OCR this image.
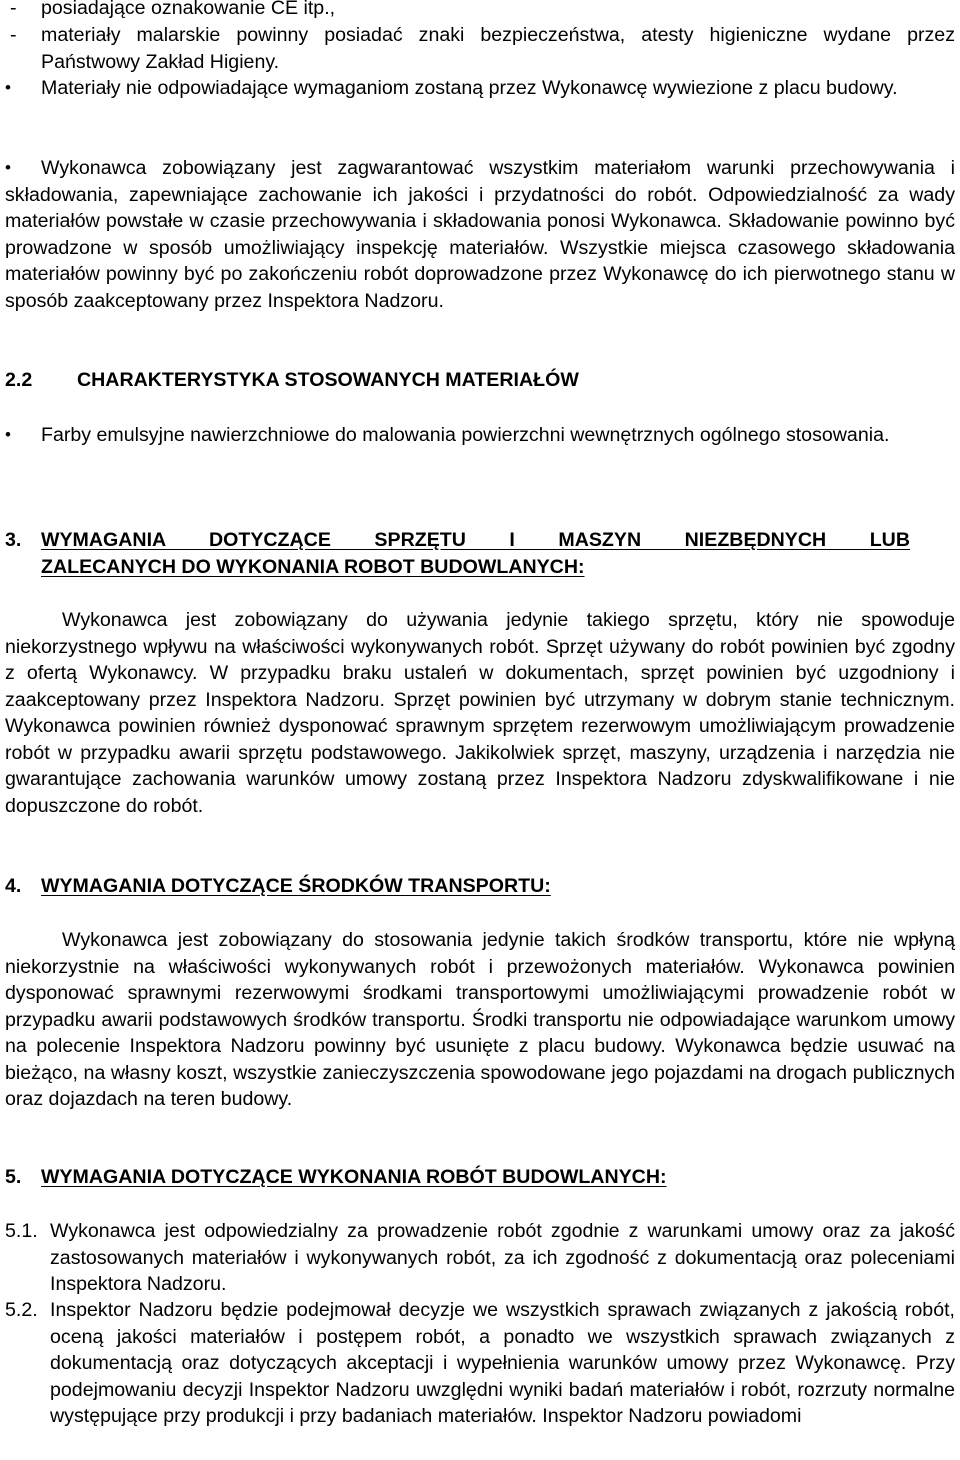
- posiadające oznakowanie CE itp.,
- materiały malarskie powinny posiadać znaki bezpieczeństwa, atesty higieniczne wydane przez Państwowy Zakład Higieny.
• Materiały nie odpowiadające wymaganiom zostaną przez Wykonawcę wywiezione z placu budowy.
•	Wykonawca zobowiązany jest zagwarantować wszystkim materiałom warunki przechowywania i składowania, zapewniające zachowanie ich jakości i przydatności do robót. Odpowiedzialność za wady materiałów powstałe w czasie przechowywania i składowania ponosi Wykonawca. Składowanie powinno być prowadzone w sposób umożliwiający inspekcję materiałów. Wszystkie miejsca czasowego składowania materiałów powinny być po zakończeniu robót doprowadzone przez Wykonawcę do ich pierwotnego stanu w sposób zaakceptowany przez Inspektora Nadzoru.
2.2 CHARAKTERYSTYKA STOSOWANYCH MATERIAŁÓW
• Farby emulsyjne nawierzchniowe do malowania powierzchni wewnętrznych ogólnego stosowania.
3. WYMAGANIA DOTYCZĄCE SPRZĘTU I MASZYN NIEZBĘDNYCH LUB
ZALECANYCH DO WYKONANIA ROBOT BUDOWLANYCH:

Wykonawca jest zobowiązany do używania jedynie takiego sprzętu, który nie spowoduje niekorzystnego wpływu na właściwości wykonywanych robót. Sprzęt używany do robót powinien być zgodny z ofertą Wykonawcy. W przypadku braku ustaleń w dokumentach, sprzęt powinien być uzgodniony i zaakceptowany przez Inspektora Nadzoru. Sprzęt powinien być utrzymany w dobrym stanie technicznym. Wykonawca powinien również dysponować sprawnym sprzętem rezerwowym umożliwiającym prowadzenie robót w przypadku awarii sprzętu podstawowego. Jakikolwiek sprzęt, maszyny, urządzenia i narzędzia nie gwarantujące zachowania warunków umowy zostaną przez Inspektora Nadzoru zdyskwalifikowane i nie dopuszczone do robót.

4. WYMAGANIA DOTYCZĄCE ŚRODKÓW TRANSPORTU:

Wykonawca jest zobowiązany do stosowania jedynie takich środków transportu, które nie wpłyną niekorzystnie na właściwości wykonywanych robót i przewożonych materiałów. Wykonawca powinien dysponować sprawnymi rezerwowymi środkami transportowymi umożliwiającymi prowadzenie robót w przypadku awarii podstawowych środków transportu. Środki transportu nie odpowiadające warunkom umowy na polecenie Inspektora Nadzoru powinny być usunięte z placu budowy. Wykonawca będzie usuwać na bieżąco, na własny koszt, wszystkie zanieczyszczenia spowodowane jego pojazdami na drogach publicznych oraz dojazdach na teren budowy.

5. WYMAGANIA DOTYCZĄCE WYKONANIA ROBÓT BUDOWLANYCH:
5.1. Wykonawca jest odpowiedzialny za prowadzenie robót zgodnie z warunkami umowy oraz za jakość zastosowanych materiałów i wykonywanych robót, za ich zgodność z dokumentacją oraz poleceniami Inspektora Nadzoru.
5.2. Inspektor Nadzoru będzie podejmował decyzje we wszystkich sprawach związanych z jakością robót, oceną jakości materiałów i postępem robót, a ponadto we wszystkich sprawach związanych z dokumentacją oraz dotyczących akceptacji i wypełnienia warunków umowy przez Wykonawcę. Przy podejmowaniu decyzji Inspektor Nadzoru uwzględni wyniki badań materiałów i robót, rozrzuty normalne występujące przy produkcji i przy badaniach materiałów. Inspektor Nadzoru powiadomi
